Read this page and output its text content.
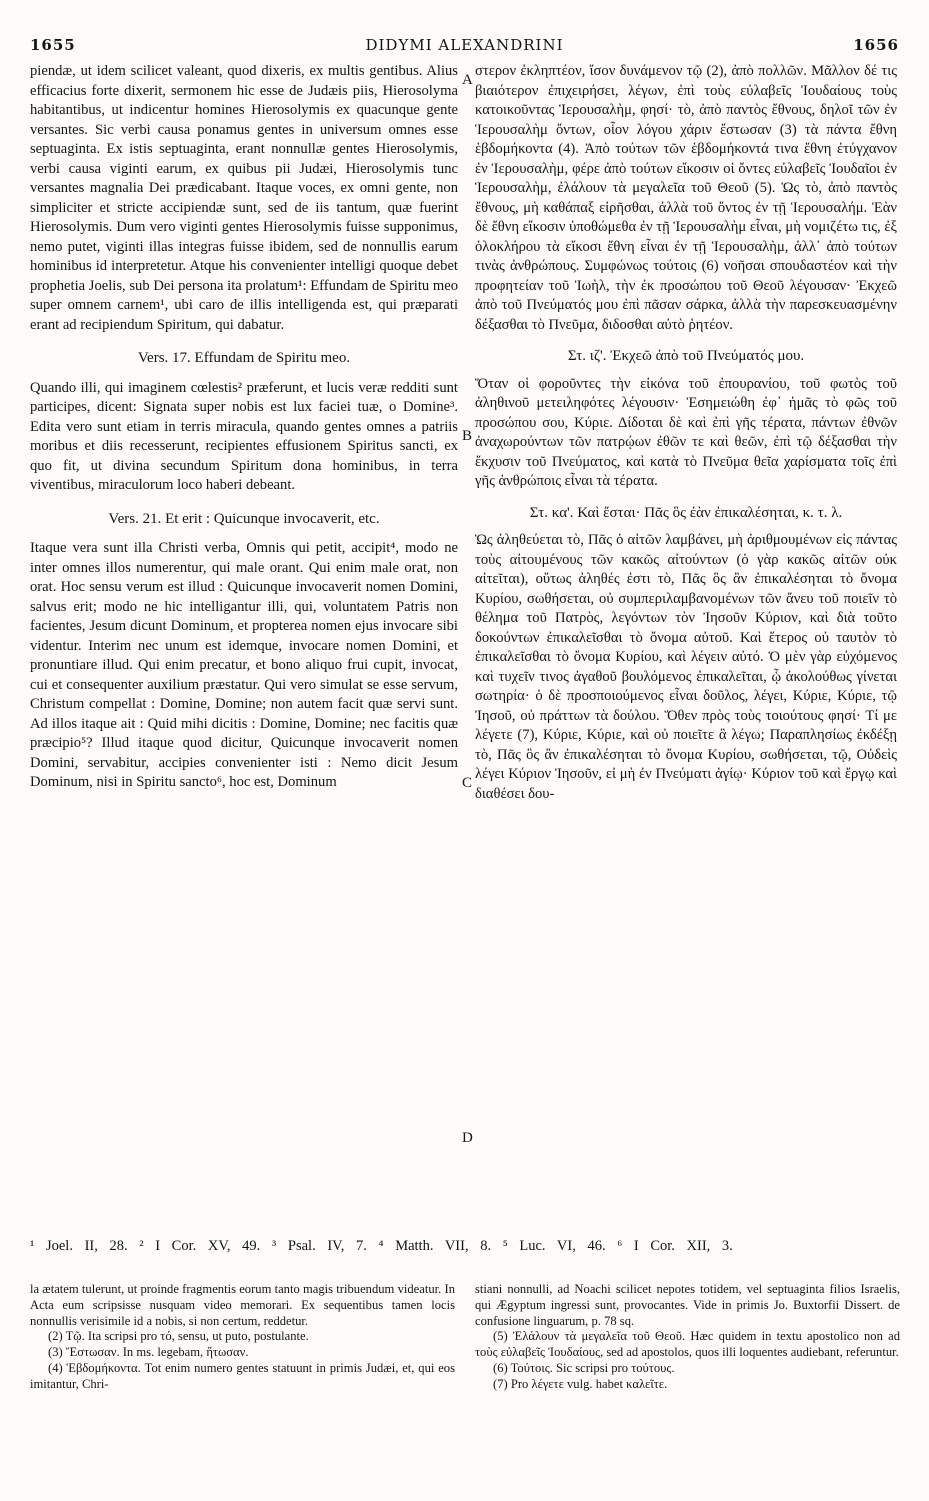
1655	DIDYMI ALEXANDRINI	1656

piendæ, ut idem scilicet valeant, quod dixeris, ex multis gentibus. Alius efficacius forte dixerit, sermonem hic esse de Judæis piis, Hierosolyma habitantibus, ut indicentur homines Hierosolymis ex quacunque gente versantes. Sic verbi causa ponamus gentes in universum omnes esse septuaginta. Ex istis septuaginta, erant nonnullæ gentes Hierosolymis, verbi causa viginti earum, ex quibus pii Judæi, Hierosolymis tunc versantes magnalia Dei prædicabant. Itaque voces, ex omni gente, non simpliciter et stricte accipiendæ sunt, sed de iis tantum, quæ fuerint Hierosolymis. Dum vero viginti gentes Hierosolymis fuisse supponimus, nemo putet, viginti illas integras fuisse ibidem, sed de nonnullis earum hominibus id interpretetur. Atque his convenienter intelligi quoque debet prophetia Joelis, sub Dei persona ita prolatum¹: Effundam de Spiritu meo super omnem carnem¹, ubi caro de illis intelligenda est, qui præparati erant ad recipiendum Spiritum, qui dabatur.

Vers. 17. Effundam de Spiritu meo.

Quando illi, qui imaginem cœlestis² præferunt, et lucis veræ redditi sunt participes, dicent: Signata super nobis est lux faciei tuæ, o Domine³. Edita vero sunt etiam in terris miracula, quando gentes omnes a patriis moribus et diis recesserunt, recipientes effusionem Spiritus sancti, ex quo fit, ut divina secundum Spiritum dona hominibus, in terra viventibus, miraculorum loco haberi debeant.

Vers. 21. Et erit : Quicunque invocaverit, etc.

Itaque vera sunt illa Christi verba, Omnis qui petit, accipit⁴, modo ne inter omnes illos numerentur, qui male orant. Qui enim male orat, non orat. Hoc sensu verum est illud : Quicunque invocaverit nomen Domini, salvus erit; modo ne hic intelligantur illi, qui, voluntatem Patris non facientes, Jesum dicunt Dominum, et propterea nomen ejus invocare sibi videntur. Interim nec unum est idemque, invocare nomen Domini, et pronuntiare illud. Qui enim precatur, et bono aliquo frui cupit, invocat, cui et consequenter auxilium præstatur. Qui vero simulat se esse servum, Christum compellat : Domine, Domine; non autem facit quæ servi sunt. Ad illos itaque ait : Quid mihi dicitis : Domine, Domine; nec facitis quæ præcipio⁵? Illud itaque quod dicitur, Quicunque invocaverit nomen Domini, servabitur, accipies convenienter isti : Nemo dicit Jesum Dominum, nisi in Spiritu sancto⁶, hoc est, Dominum

στερον ἐκληπτέον, ἴσον δυνάμενον τῷ (2), ἀπὸ πολλῶν. Μᾶλλον δέ τις βιαιότερον ἐπιχειρήσει, λέγων, ἐπὶ τοὺς εὐλαβεῖς Ἰουδαίους τοὺς κατοικοῦντας Ἱερουσαλὴμ, φησί· τὸ, ἀπὸ παντὸς ἔθνους, δηλοῖ τῶν ἐν Ἱερουσαλὴμ ὄντων, οἷον λόγου χάριν ἔστωσαν (3) τὰ πάντα ἔθνη ἑβδομήκοντα (4). Ἀπὸ τούτων τῶν ἑβδομήκοντά τινα ἔθνη ἐτύγχανον ἐν Ἱερουσαλὴμ, φέρε ἀπὸ τούτων εἴκοσιν οἱ ὄντες εὐλαβεῖς Ἰουδαῖοι ἐν Ἱερουσαλὴμ, ἐλάλουν τὰ μεγαλεῖα τοῦ Θεοῦ (5). Ὡς τὸ, ἀπὸ παντὸς ἔθνους, μὴ καθάπαξ εἰρῆσθαι, ἀλλὰ τοῦ ὄντος ἐν τῇ Ἱερουσαλήμ. Ἐὰν δὲ ἔθνη εἴκοσιν ὑποθώμεθα ἐν τῇ Ἱερουσαλὴμ εἶναι, μὴ νομιζέτω τις, ἐξ ὁλοκλήρου τὰ εἴκοσι ἔθνη εἶναι ἐν τῇ Ἱερουσαλὴμ, ἀλλ᾽ ἀπὸ τούτων τινὰς ἀνθρώπους. Συμφώνως τούτοις (6) νοῆσαι σπουδαστέον καὶ τὴν προφητείαν τοῦ Ἰωὴλ, τὴν ἐκ προσώπου τοῦ Θεοῦ λέγουσαν· Ἐκχεῶ ἀπὸ τοῦ Πνεύματός μου ἐπὶ πᾶσαν σάρκα, ἀλλὰ τὴν παρεσκευασμένην δέξασθαι τὸ Πνεῦμα, διδοσθαι αὐτὸ ῥητέον.

Στ. ιζ'. Ἐκχεῶ ἀπὸ τοῦ Πνεύματός μου.

Ὅταν οἱ φοροῦντες τὴν εἰκόνα τοῦ ἐπουρανίου, τοῦ φωτὸς τοῦ ἀληθινοῦ μετειληφότες λέγουσιν· Ἐσημειώθη ἐφ᾽ ἡμᾶς τὸ φῶς τοῦ προσώπου σου, Κύριε. Δίδοται δὲ καὶ ἐπὶ γῆς τέρατα, πάντων ἐθνῶν ἀναχωρούντων τῶν πατρῴων ἐθῶν τε καὶ θεῶν, ἐπὶ τῷ δέξασθαι τὴν ἔκχυσιν τοῦ Πνεύματος, καὶ κατὰ τὸ Πνεῦμα θεῖα χαρίσματα τοῖς ἐπὶ γῆς ἀνθρώποις εἶναι τὰ τέρατα.

Στ. κα'. Καὶ ἔσται· Πᾶς ὃς ἐὰν ἐπικαλέσηται, κ. τ. λ.

Ὡς ἀληθεύεται τὸ, Πᾶς ὁ αἰτῶν λαμβάνει, μὴ ἀριθμουμένων εἰς πάντας τοὺς αἰτουμένους τῶν κακῶς αἰτούντων (ὁ γὰρ κακῶς αἰτῶν οὐκ αἰτεῖται), οὕτως ἀληθές ἐστι τὸ, Πᾶς ὃς ἂν ἐπικαλέσηται τὸ ὄνομα Κυρίου, σωθήσεται, οὐ συμπεριλαμβανομένων τῶν ἄνευ τοῦ ποιεῖν τὸ θέλημα τοῦ Πατρὸς, λεγόντων τὸν Ἰησοῦν Κύριον, καὶ διὰ τοῦτο δοκούντων ἐπικαλεῖσθαι τὸ ὄνομα αὐτοῦ. Καὶ ἕτερος οὐ ταυτὸν τὸ ἐπικαλεῖσθαι τὸ ὄνομα Κυρίου, καὶ λέγειν αὐτό. Ὁ μὲν γὰρ εὐχόμενος καὶ τυχεῖν τινος ἀγαθοῦ βουλόμενος ἐπικαλεῖται, ᾧ ἀκολούθως γίνεται σωτηρία· ὁ δὲ προσποιούμενος εἶναι δοῦλος, λέγει, Κύριε, Κύριε, τῷ Ἰησοῦ, οὐ πράττων τὰ δούλου. Ὅθεν πρὸς τοὺς τοιούτους φησί· Τί με λέγετε (7), Κύριε, Κύριε, καὶ οὐ ποιεῖτε ἃ λέγω; Παραπλησίως ἐκδέξῃ τὸ, Πᾶς ὃς ἂν ἐπικαλέσηται τὸ ὄνομα Κυρίου, σωθήσεται, τῷ, Οὐδεὶς λέγει Κύριον Ἰησοῦν, εἰ μὴ ἐν Πνεύματι ἁγίῳ· Κύριον τοῦ καὶ ἔργῳ καὶ διαθέσει δου-

A
B
C
D
¹ Joel. II, 28. ² I Cor. XV, 49. ³ Psal. IV, 7. ⁴ Matth. VII, 8. ⁵ Luc. VI, 46. ⁶ I Cor. XII, 3.

la ætatem tulerunt, ut proinde fragmentis eorum tanto magis tribuendum videatur. In Acta eum scripsisse nusquam video memorari. Ex sequentibus tamen locis nonnullis verisimile id a nobis, si non certum, reddetur.

(2) Τῷ. Ita scripsi pro τό, sensu, ut puto, postulante.

(3) Ἔστωσαν. In ms. legebam, ἥτωσαν.

(4) Ἑβδομήκοντα. Tot enim numero gentes statuunt in primis Judæi, et, qui eos imitantur, Chri-

stiani nonnulli, ad Noachi scilicet nepotes totidem, vel septuaginta filios Israelis, qui Ægyptum ingressi sunt, provocantes. Vide in primis Jo. Buxtorfii Dissert. de confusione linguarum, p. 78 sq.

(5) Ἐλάλουν τὰ μεγαλεῖα τοῦ Θεοῦ. Hæc quidem in textu apostolico non ad τοὺς εὐλαβεῖς Ἰουδαίους, sed ad apostolos, quos illi loquentes audiebant, referuntur.

(6) Τούτοις. Sic scripsi pro τούτους.

(7) Pro λέγετε vulg. habet καλεῖτε.
